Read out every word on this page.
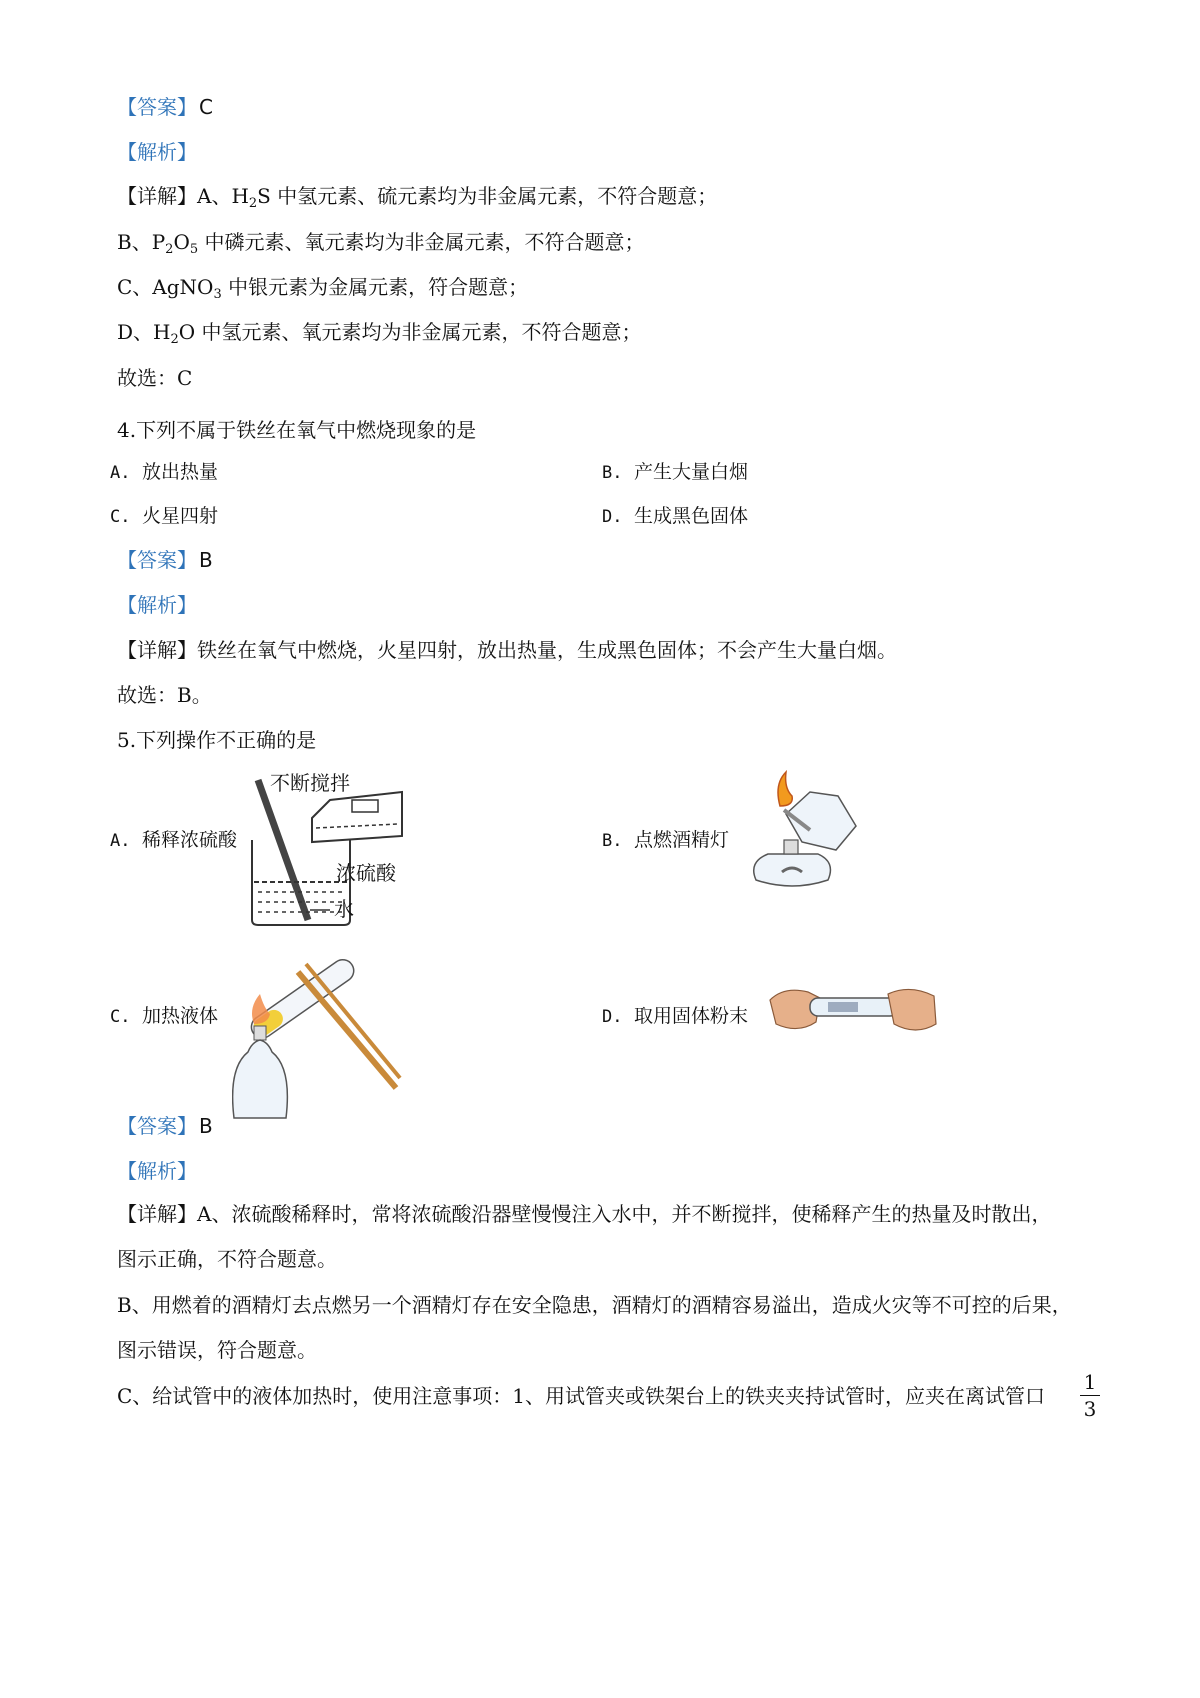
【答案】 C
【解析】
【详解】A、$H_2S$ 中氢元素、硫元素均为非金属元素，不符合题意；
B、$P_2O_5$ 中磷元素、氧元素均为非金属元素，不符合题意；
C、AgNO$_3$ 中银元素为金属元素，符合题意；
D、$H_2O$ 中氢元素、氧元素均为非金属元素，不符合题意；
故选：C
4.下列不属于铁丝在氧气中燃烧现象的是
A. 放出热量	B. 产生大量白烟
C. 火星四射	D. 生成黑色固体
【答案】 B
【解析】
【详解】铁丝在氧气中燃烧，火星四射，放出热量，生成黑色固体；不会产生大量白烟。
故选：B。
5.下列操作不正确的是
A. 稀释浓硫酸
不断搅拌
浓硫酸
水
B. 点燃酒精灯
C. 加热液体	D. 取用固体粉末
【答案】 B
【解析】
【详解】A、浓硫酸稀释时，常将浓硫酸沿器壁慢慢注入水中，并不断搅拌，使稀释产生的热量及时散出，
图示正确，不符合题意。
B、用燃着的酒精灯去点燃另一个酒精灯存在安全隐患，酒精灯的酒精容易溢出，造成火灾等不可控的后果，
图示错误，符合题意。
C、给试管中的液体加热时，使用注意事项：1、用试管夹或铁架台上的铁夹夹持试管时，应夹在离试管口
1
3
